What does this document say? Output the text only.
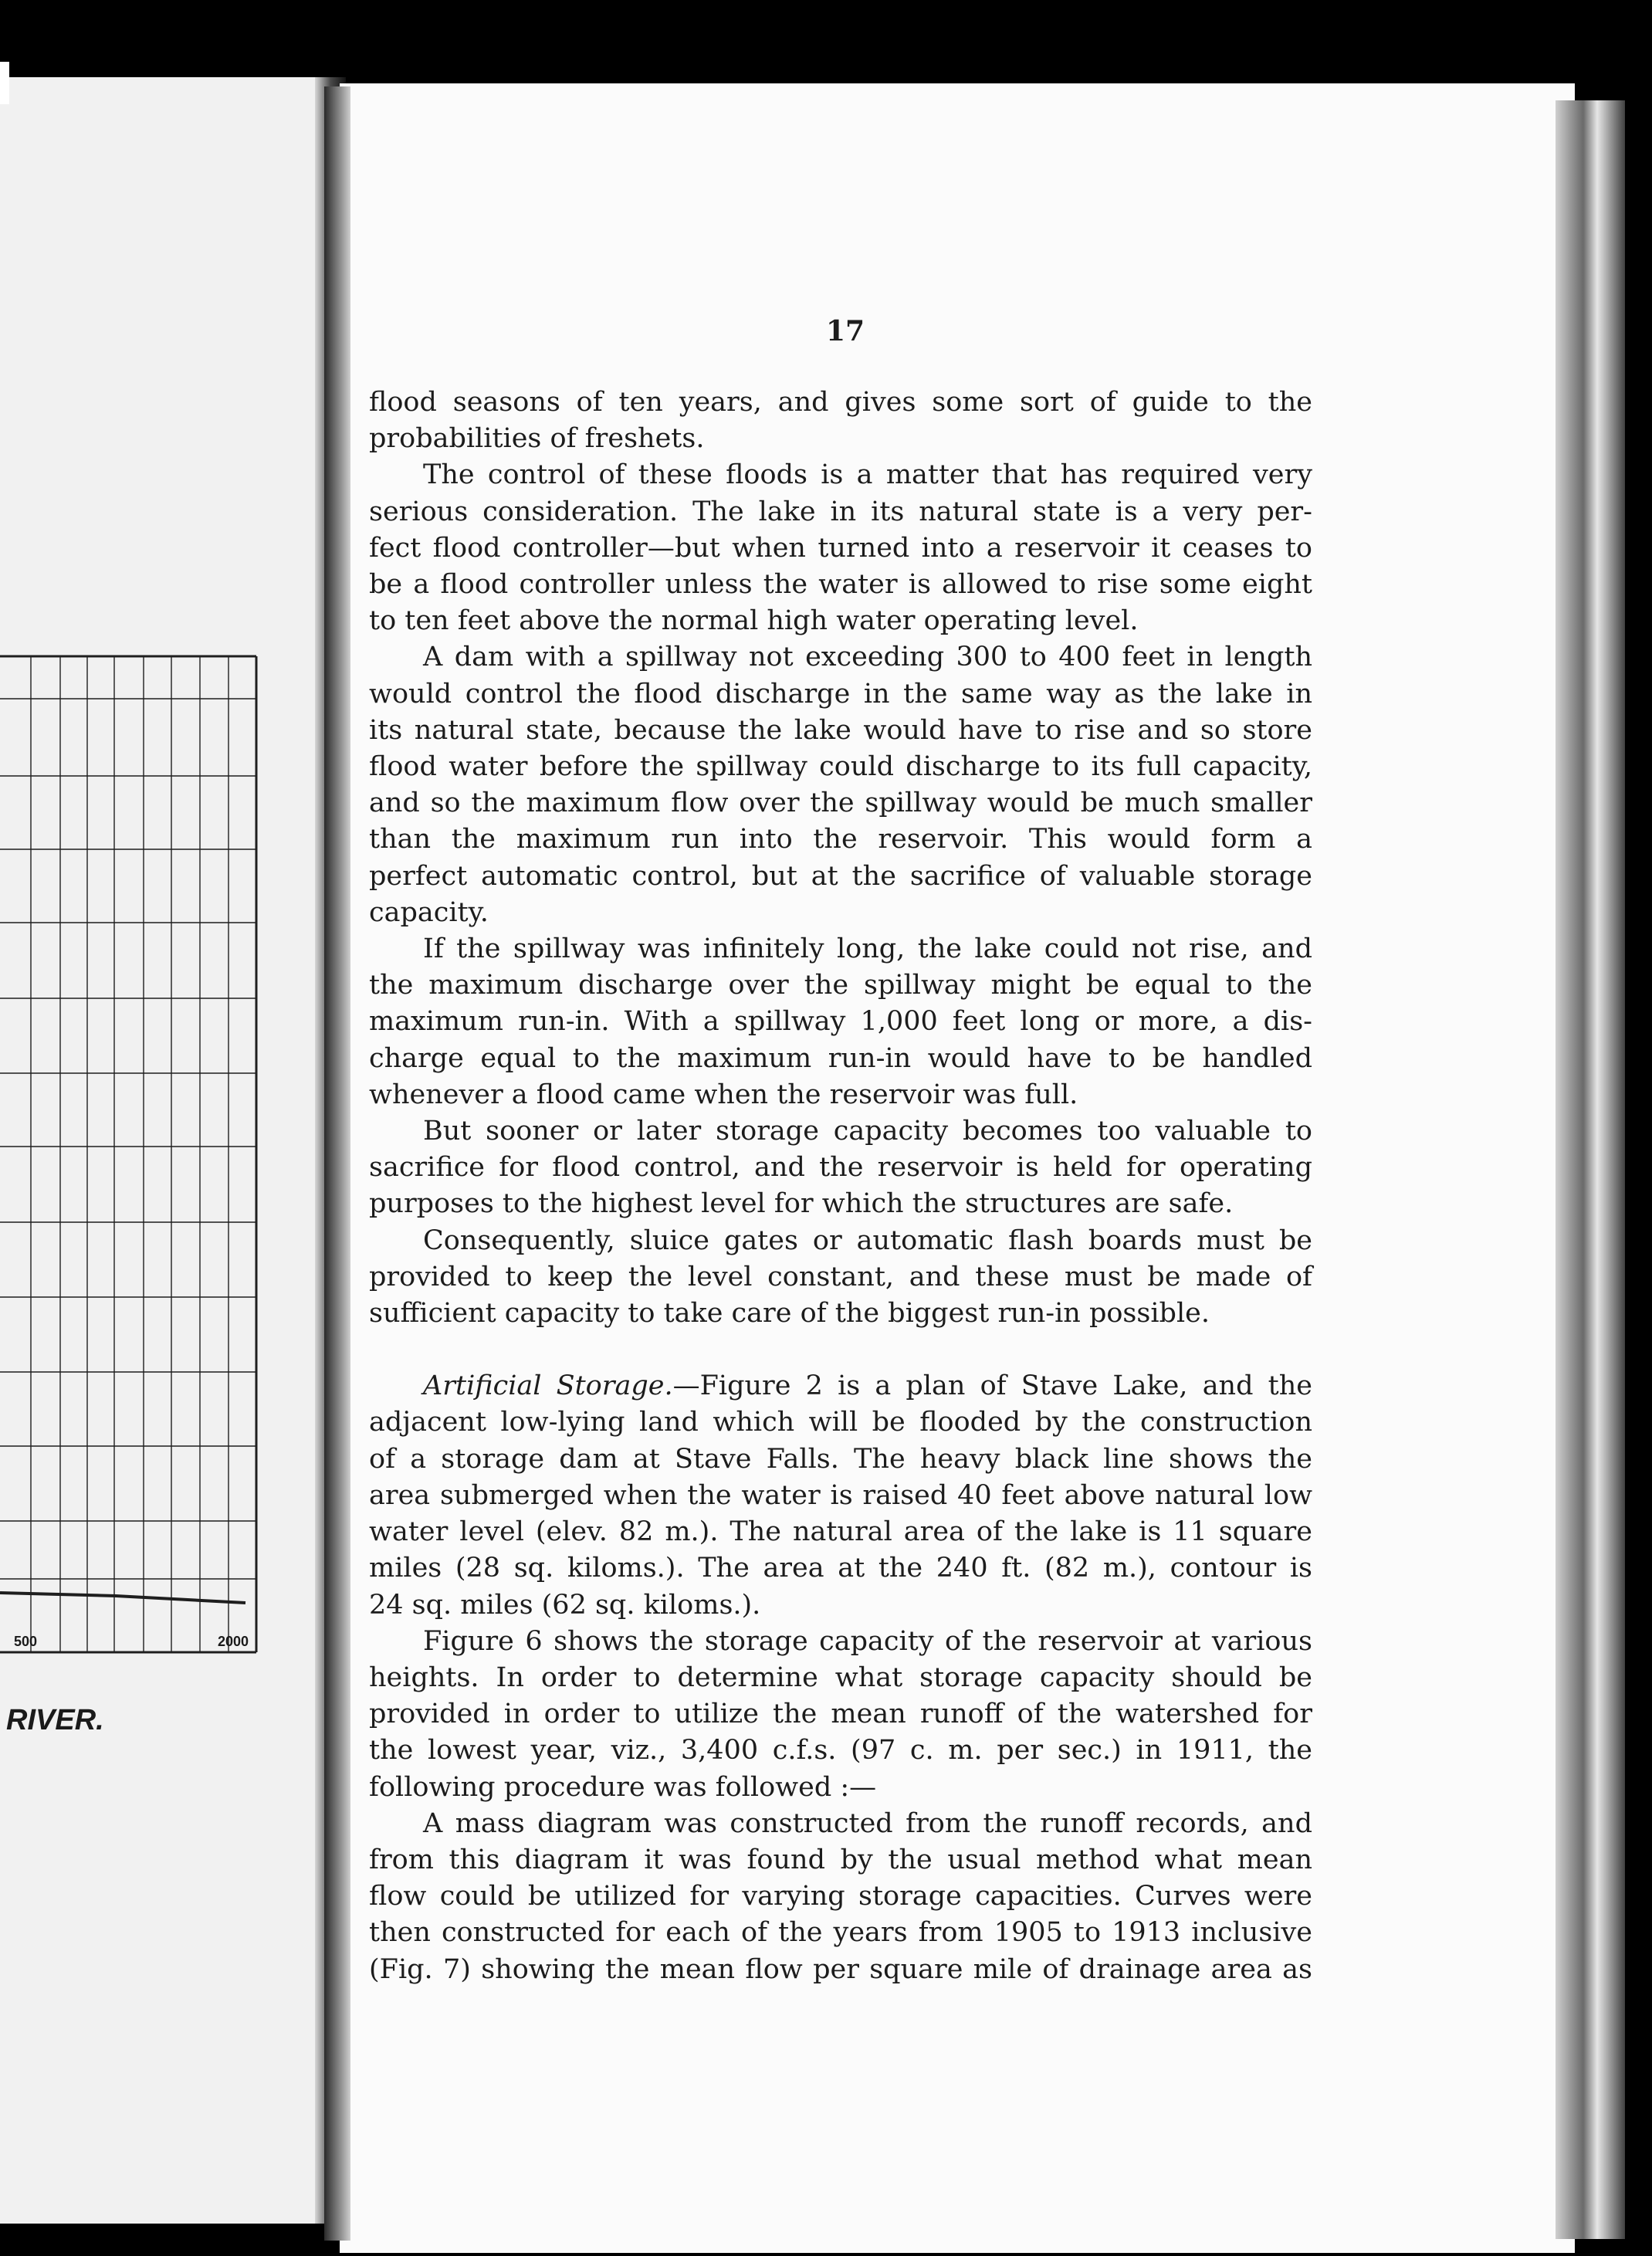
500	2000
RIVER.

17

flood seasons of ten years, and gives some sort of guide to the

probabilities of freshets.

The control of these floods is a matter that has required very

serious consideration. The lake in its natural state is a very per-

fect flood controller—but when turned into a reservoir it ceases to

be a flood controller unless the water is allowed to rise some eight

to ten feet above the normal high water operating level.

A dam with a spillway not exceeding 300 to 400 feet in length

would control the flood discharge in the same way as the lake in

its natural state, because the lake would have to rise and so store

flood water before the spillway could discharge to its full capacity,

and so the maximum flow over the spillway would be much smaller

than the maximum run into the reservoir. This would form a

perfect automatic control, but at the sacrifice of valuable storage

capacity.

If the spillway was infinitely long, the lake could not rise, and

the maximum discharge over the spillway might be equal to the

maximum run-in. With a spillway 1,000 feet long or more, a dis-

charge equal to the maximum run-in would have to be handled

whenever a flood came when the reservoir was full.

But sooner or later storage capacity becomes too valuable to

sacrifice for flood control, and the reservoir is held for operating

purposes to the highest level for which the structures are safe.

Consequently, sluice gates or automatic flash boards must be

provided to keep the level constant, and these must be made of

sufficient capacity to take care of the biggest run-in possible.

Artificial Storage.—Figure 2 is a plan of Stave Lake, and the

adjacent low-lying land which will be flooded by the construction

of a storage dam at Stave Falls. The heavy black line shows the

area submerged when the water is raised 40 feet above natural low

water level (elev. 82 m.). The natural area of the lake is 11 square

miles (28 sq. kiloms.). The area at the 240 ft. (82 m.), contour is

24 sq. miles (62 sq. kiloms.).

Figure 6 shows the storage capacity of the reservoir at various

heights. In order to determine what storage capacity should be

provided in order to utilize the mean runoff of the watershed for

the lowest year, viz., 3,400 c.f.s. (97 c. m. per sec.) in 1911, the

following procedure was followed :—

A mass diagram was constructed from the runoff records, and

from this diagram it was found by the usual method what mean

flow could be utilized for varying storage capacities. Curves were

then constructed for each of the years from 1905 to 1913 inclusive

(Fig. 7) showing the mean flow per square mile of drainage area as
